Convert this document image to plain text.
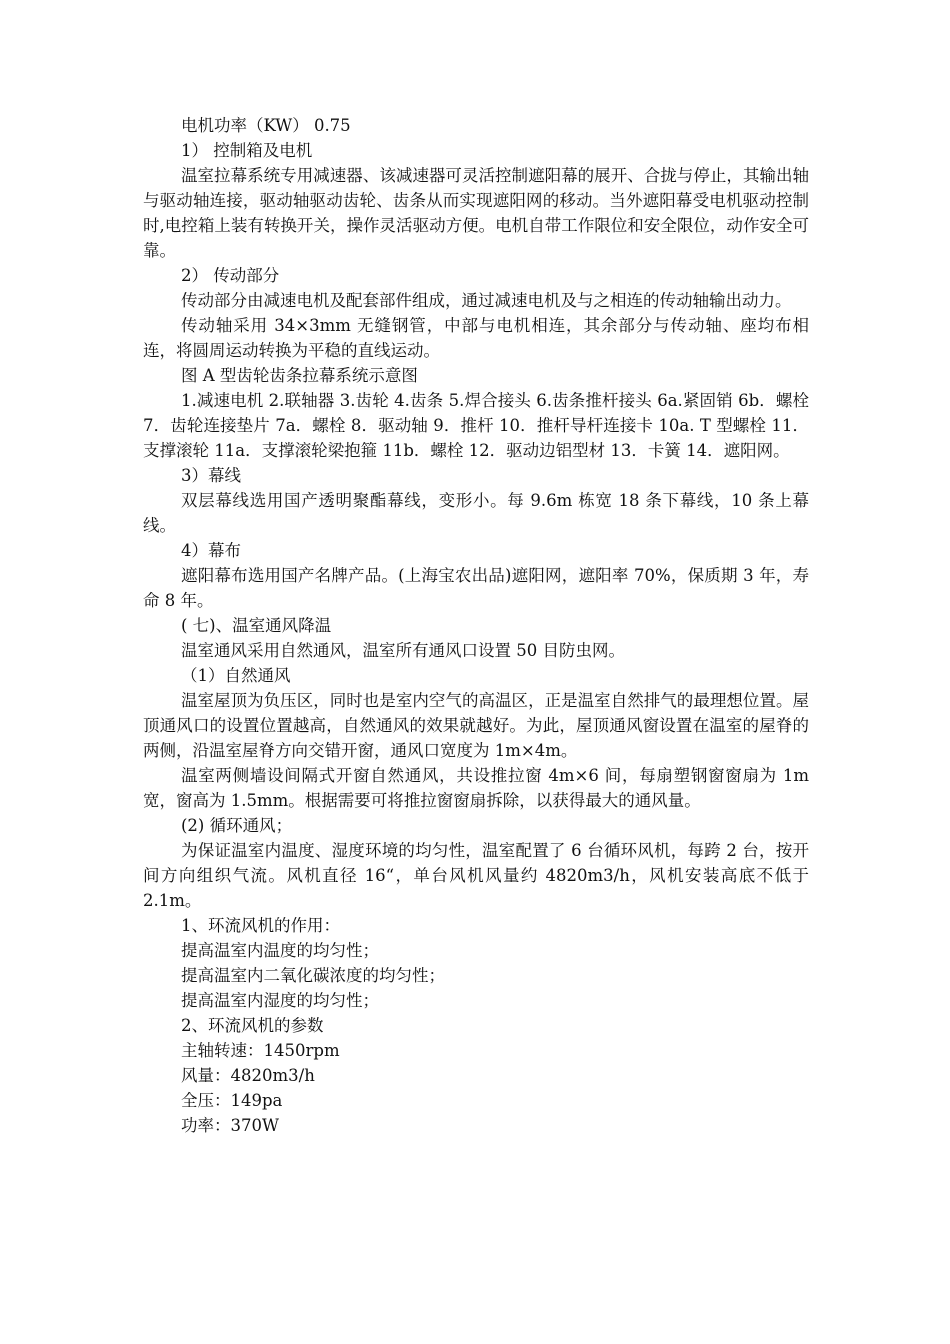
电机功率（KW） 0.75

1） 控制箱及电机

温室拉幕系统专用减速器、该减速器可灵活控制遮阳幕的展开、合拢与停止，其输出轴与驱动轴连接，驱动轴驱动齿轮、齿条从而实现遮阳网的移动。当外遮阳幕受电机驱动控制时,电控箱上装有转换开关，操作灵活驱动方便。电机自带工作限位和安全限位，动作安全可靠。

2） 传动部分

传动部分由减速电机及配套部件组成，通过减速电机及与之相连的传动轴输出动力。

传动轴采用 34×3mm 无缝钢管，中部与电机相连，其余部分与传动轴、座均布相连，将圆周运动转换为平稳的直线运动。

图 A 型齿轮齿条拉幕系统示意图

1.减速电机 2.联轴器 3.齿轮 4.齿条 5.焊合接头 6.齿条推杆接头 6a.紧固销 6b．螺栓 7．齿轮连接垫片 7a．螺栓 8．驱动轴 9．推杆 10．推杆导杆连接卡 10a. T 型螺栓 11．支撑滚轮 11a．支撑滚轮梁抱箍 11b．螺栓 12．驱动边铝型材 13．卡簧 14．遮阳网。

3）幕线

双层幕线选用国产透明聚酯幕线，变形小。每 9.6m 栋宽 18 条下幕线，10 条上幕线。

4）幕布

遮阳幕布选用国产名牌产品。(上海宝农出品)遮阳网，遮阳率 70%，保质期 3 年，寿命 8 年。

( 七)、温室通风降温

温室通风采用自然通风，温室所有通风口设置 50 目防虫网。

（1）自然通风

温室屋顶为负压区，同时也是室内空气的高温区，正是温室自然排气的最理想位置。屋顶通风口的设置位置越高，自然通风的效果就越好。为此，屋顶通风窗设置在温室的屋脊的两侧，沿温室屋脊方向交错开窗，通风口宽度为 1m×4m。

温室两侧墙设间隔式开窗自然通风，共设推拉窗 4m×6 间，每扇塑钢窗窗扇为 1m 宽，窗高为 1.5mm。根据需要可将推拉窗窗扇拆除，以获得最大的通风量。

(2) 循环通风；

为保证温室内温度、湿度环境的均匀性，温室配置了 6 台循环风机，每跨 2 台，按开间方向组织气流。风机直径 16“，单台风机风量约 4820m3/h，风机安装高底不低于 2.1m。

1、环流风机的作用：

提高温室内温度的均匀性；

提高温室内二氧化碳浓度的均匀性；

提高温室内湿度的均匀性；

2、环流风机的参数

主轴转速：1450rpm

风量：4820m3/h

全压：149pa

功率：370W
